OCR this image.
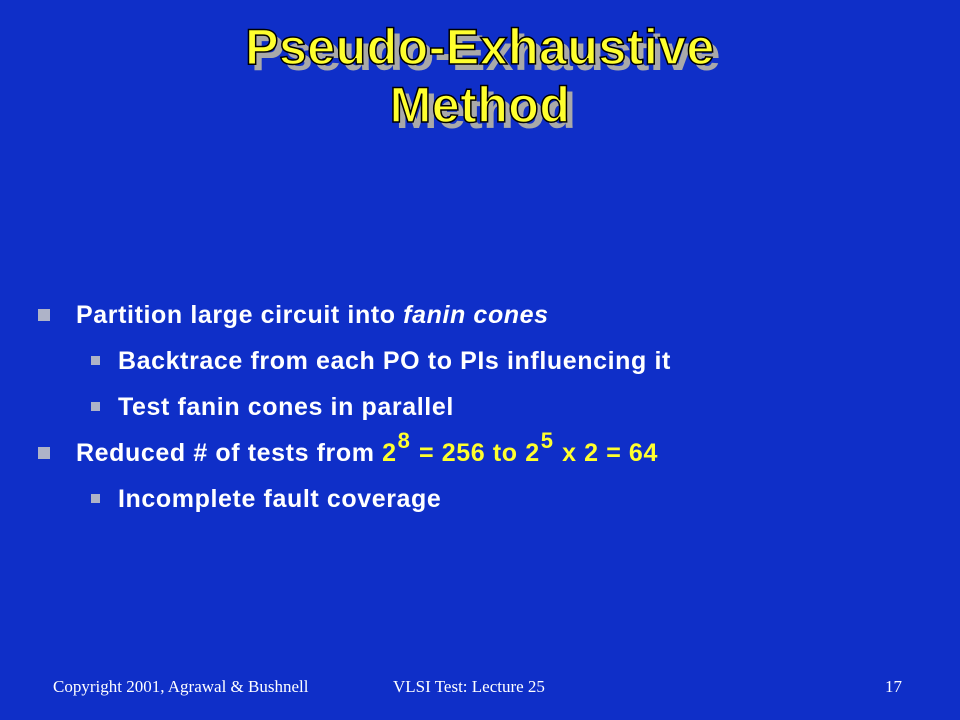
Pseudo-Exhaustive
Method
Partition large circuit into fanin cones
Backtrace from each PO to PIs influencing it
Test fanin cones in parallel
Reduced # of tests from $2^8 = 256$ to $2^5$ x 2 = 64
Incomplete fault coverage
Copyright 2001, Agrawal & Bushnell	VLSI Test: Lecture 25	17
